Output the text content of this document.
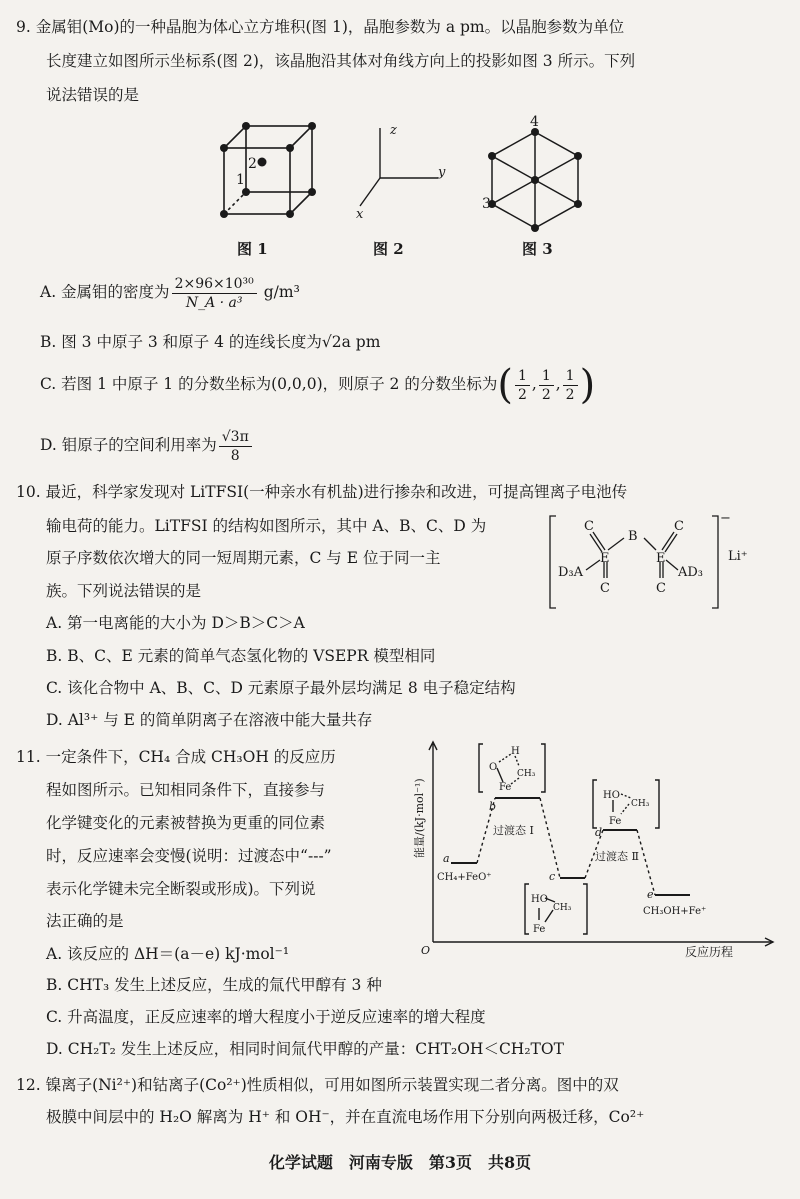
9. 金属钼(Mo)的一种晶胞为体心立方堆积(图 1)，晶胞参数为 a pm。以晶胞参数为单位
长度建立如图所示坐标系(图 2)，该晶胞沿其体对角线方向上的投影如图 3 所示。下列
说法错误的是
1
2
图 1
z
y
x
图 2
4
3
图 3
A. 金属钼的密度为 $\frac{\text{2×96×10³⁰}}{\text{N\_A · a³}} g/m^3$
B. 图 3 中原子 3 和原子 4 的连线长度为√2a pm
C. 若图 1 中原子 1 的分数坐标为(0,0,0)，则原子 2 的分数坐标为( $\frac{1}{2}$ , $\frac{1}{2}$ , $\frac{1}{2}$ )
D. 钼原子的空间利用率为 $\frac{√3\pi}{8}$
10. 最近，科学家发现对 LiTFSI(一种亲水有机盐)进行掺杂和改进，可提高锂离子电池传
输电荷的能力。LiTFSI 的结构如图所示，其中 A、B、C、D 为
原子序数依次增大的同一短周期元素，C 与 E 位于同一主
族。下列说法错误的是
A. 第一电离能的大小为 D＞B＞C＞A
B. B、C、E 元素的简单气态氢化物的 VSEPR 模型相同
C. 该化合物中 A、B、C、D 元素原子最外层均满足 8 电子稳定结构
D. Al³⁺ 与 E 的简单阴离子在溶液中能大量共存
C
B
C
E	E
D₃A	AD₃
C	C
−
Li⁺
11. 一定条件下，CH₄ 合成 CH₃OH 的反应历
程如图所示。已知相同条件下，直接参与
化学键变化的元素被替换为更重的同位素
时，反应速率会变慢(说明：过渡态中“---”
表示化学键未完全断裂或形成)。下列说
法正确的是
A. 该反应的 ΔH＝(a－e) kJ·mol⁻¹
B. CHT₃ 发生上述反应，生成的氚代甲醇有 3 种
C. 升高温度，正反应速率的增大程度小于逆反应速率的增大程度
D. CH₂T₂ 发生上述反应，相同时间氚代甲醇的产量：CHT₂OH＜CH₂TOT
能量/(kJ·mol⁻¹)
O	反应历程
a
b
c
d
e
过渡态 Ⅰ
过渡态 Ⅱ
CH₄+FeO⁺
CH₃OH+Fe⁺
H
O
CH₃
Fe
HO
CH₃
Fe
HO
CH₃
Fe
12. 镍离子(Ni²⁺)和钴离子(Co²⁺)性质相似，可用如图所示装置实现二者分离。图中的双
极膜中间层中的 H₂O 解离为 H⁺ 和 OH⁻，并在直流电场作用下分别向两极迁移，Co²⁺
化学试题　河南专版　第3页　共8页
